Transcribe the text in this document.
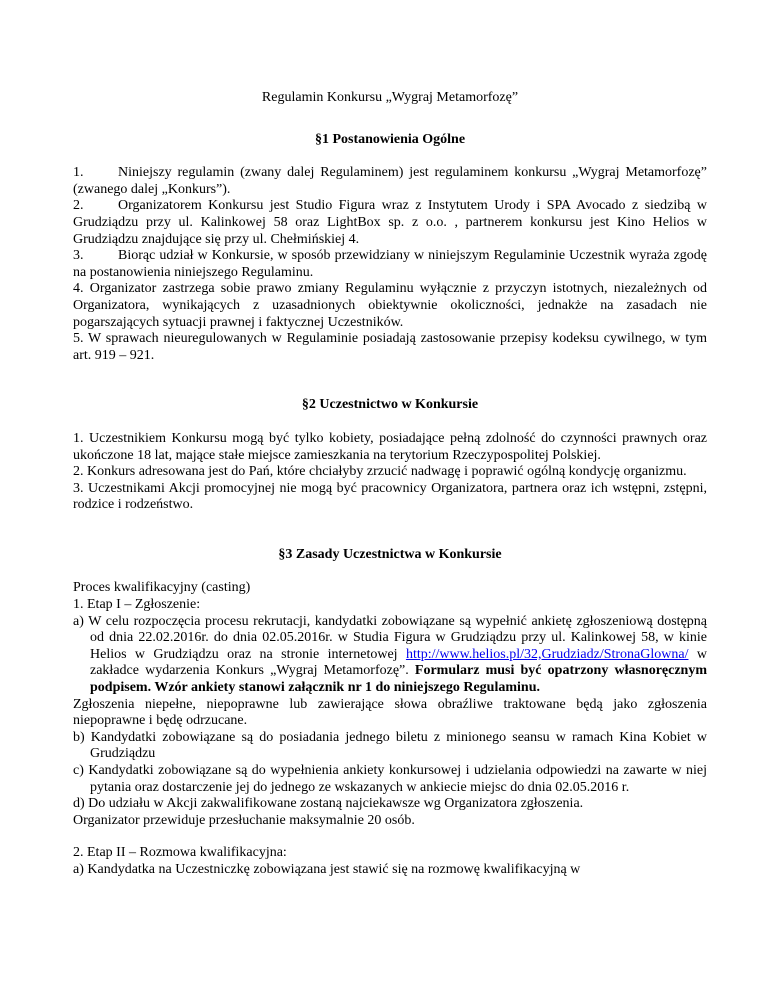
Regulamin Konkursu „Wygraj Metamorfozę”
§1 Postanowienia Ogólne

1. Niniejszy regulamin (zwany dalej Regulaminem) jest regulaminem konkursu „Wygraj Metamorfozę” (zwanego dalej „Konkurs”).

2. Organizatorem Konkursu jest Studio Figura wraz z Instytutem Urody i SPA Avocado z siedzibą w Grudziądzu przy ul. Kalinkowej 58 oraz LightBox sp. z o.o. , partnerem konkursu jest Kino Helios w Grudziądzu znajdujące się przy ul. Chełmińskiej 4.

3. Biorąc udział w Konkursie, w sposób przewidziany w niniejszym Regulaminie Uczestnik wyraża zgodę na postanowienia niniejszego Regulaminu.

4. Organizator zastrzega sobie prawo zmiany Regulaminu wyłącznie z przyczyn istotnych, niezależnych od Organizatora, wynikających z uzasadnionych obiektywnie okoliczności, jednakże na zasadach nie pogarszających sytuacji prawnej i faktycznej Uczestników.

5. W sprawach nieuregulowanych w Regulaminie posiadają zastosowanie przepisy kodeksu cywilnego, w tym art. 919 – 921.

§2 Uczestnictwo w Konkursie

1. Uczestnikiem Konkursu mogą być tylko kobiety, posiadające pełną zdolność do czynności prawnych oraz ukończone 18 lat, mające stałe miejsce zamieszkania na terytorium Rzeczypospolitej Polskiej.

2. Konkurs adresowana jest do Pań, które chciałyby zrzucić nadwagę i poprawić ogólną kondycję organizmu.

3. Uczestnikami Akcji promocyjnej nie mogą być pracownicy Organizatora, partnera oraz ich wstępni, zstępni, rodzice i rodzeństwo.

§3 Zasady Uczestnictwa w Konkursie

Proces kwalifikacyjny (casting)

1. Etap I – Zgłoszenie:

a) W celu rozpoczęcia procesu rekrutacji, kandydatki zobowiązane są wypełnić ankietę zgłoszeniową dostępną od dnia 22.02.2016r. do dnia 02.05.2016r. w Studia Figura w Grudziądzu przy ul. Kalinkowej 58, w kinie Helios w Grudziądzu oraz na stronie internetowej http://www.helios.pl/32,Grudziadz/StronaGlowna/ w zakładce wydarzenia Konkurs „Wygraj Metamorfozę”. Formularz musi być opatrzony własnoręcznym podpisem. Wzór ankiety stanowi załącznik nr 1 do niniejszego Regulaminu.

Zgłoszenia niepełne, niepoprawne lub zawierające słowa obraźliwe traktowane będą jako zgłoszenia niepoprawne i będę odrzucane.

b) Kandydatki zobowiązane są do posiadania jednego biletu z minionego seansu w ramach Kina Kobiet w Grudziądzu

c) Kandydatki zobowiązane są do wypełnienia ankiety konkursowej i udzielania odpowiedzi na zawarte w niej pytania oraz dostarczenie jej do jednego ze wskazanych w ankiecie miejsc do dnia 02.05.2016 r.

d) Do udziału w Akcji zakwalifikowane zostaną najciekawsze wg Organizatora zgłoszenia.

Organizator przewiduje przesłuchanie maksymalnie 20 osób.

2. Etap II – Rozmowa kwalifikacyjna:

a) Kandydatka na Uczestniczkę zobowiązana jest stawić się na rozmowę kwalifikacyjną w
